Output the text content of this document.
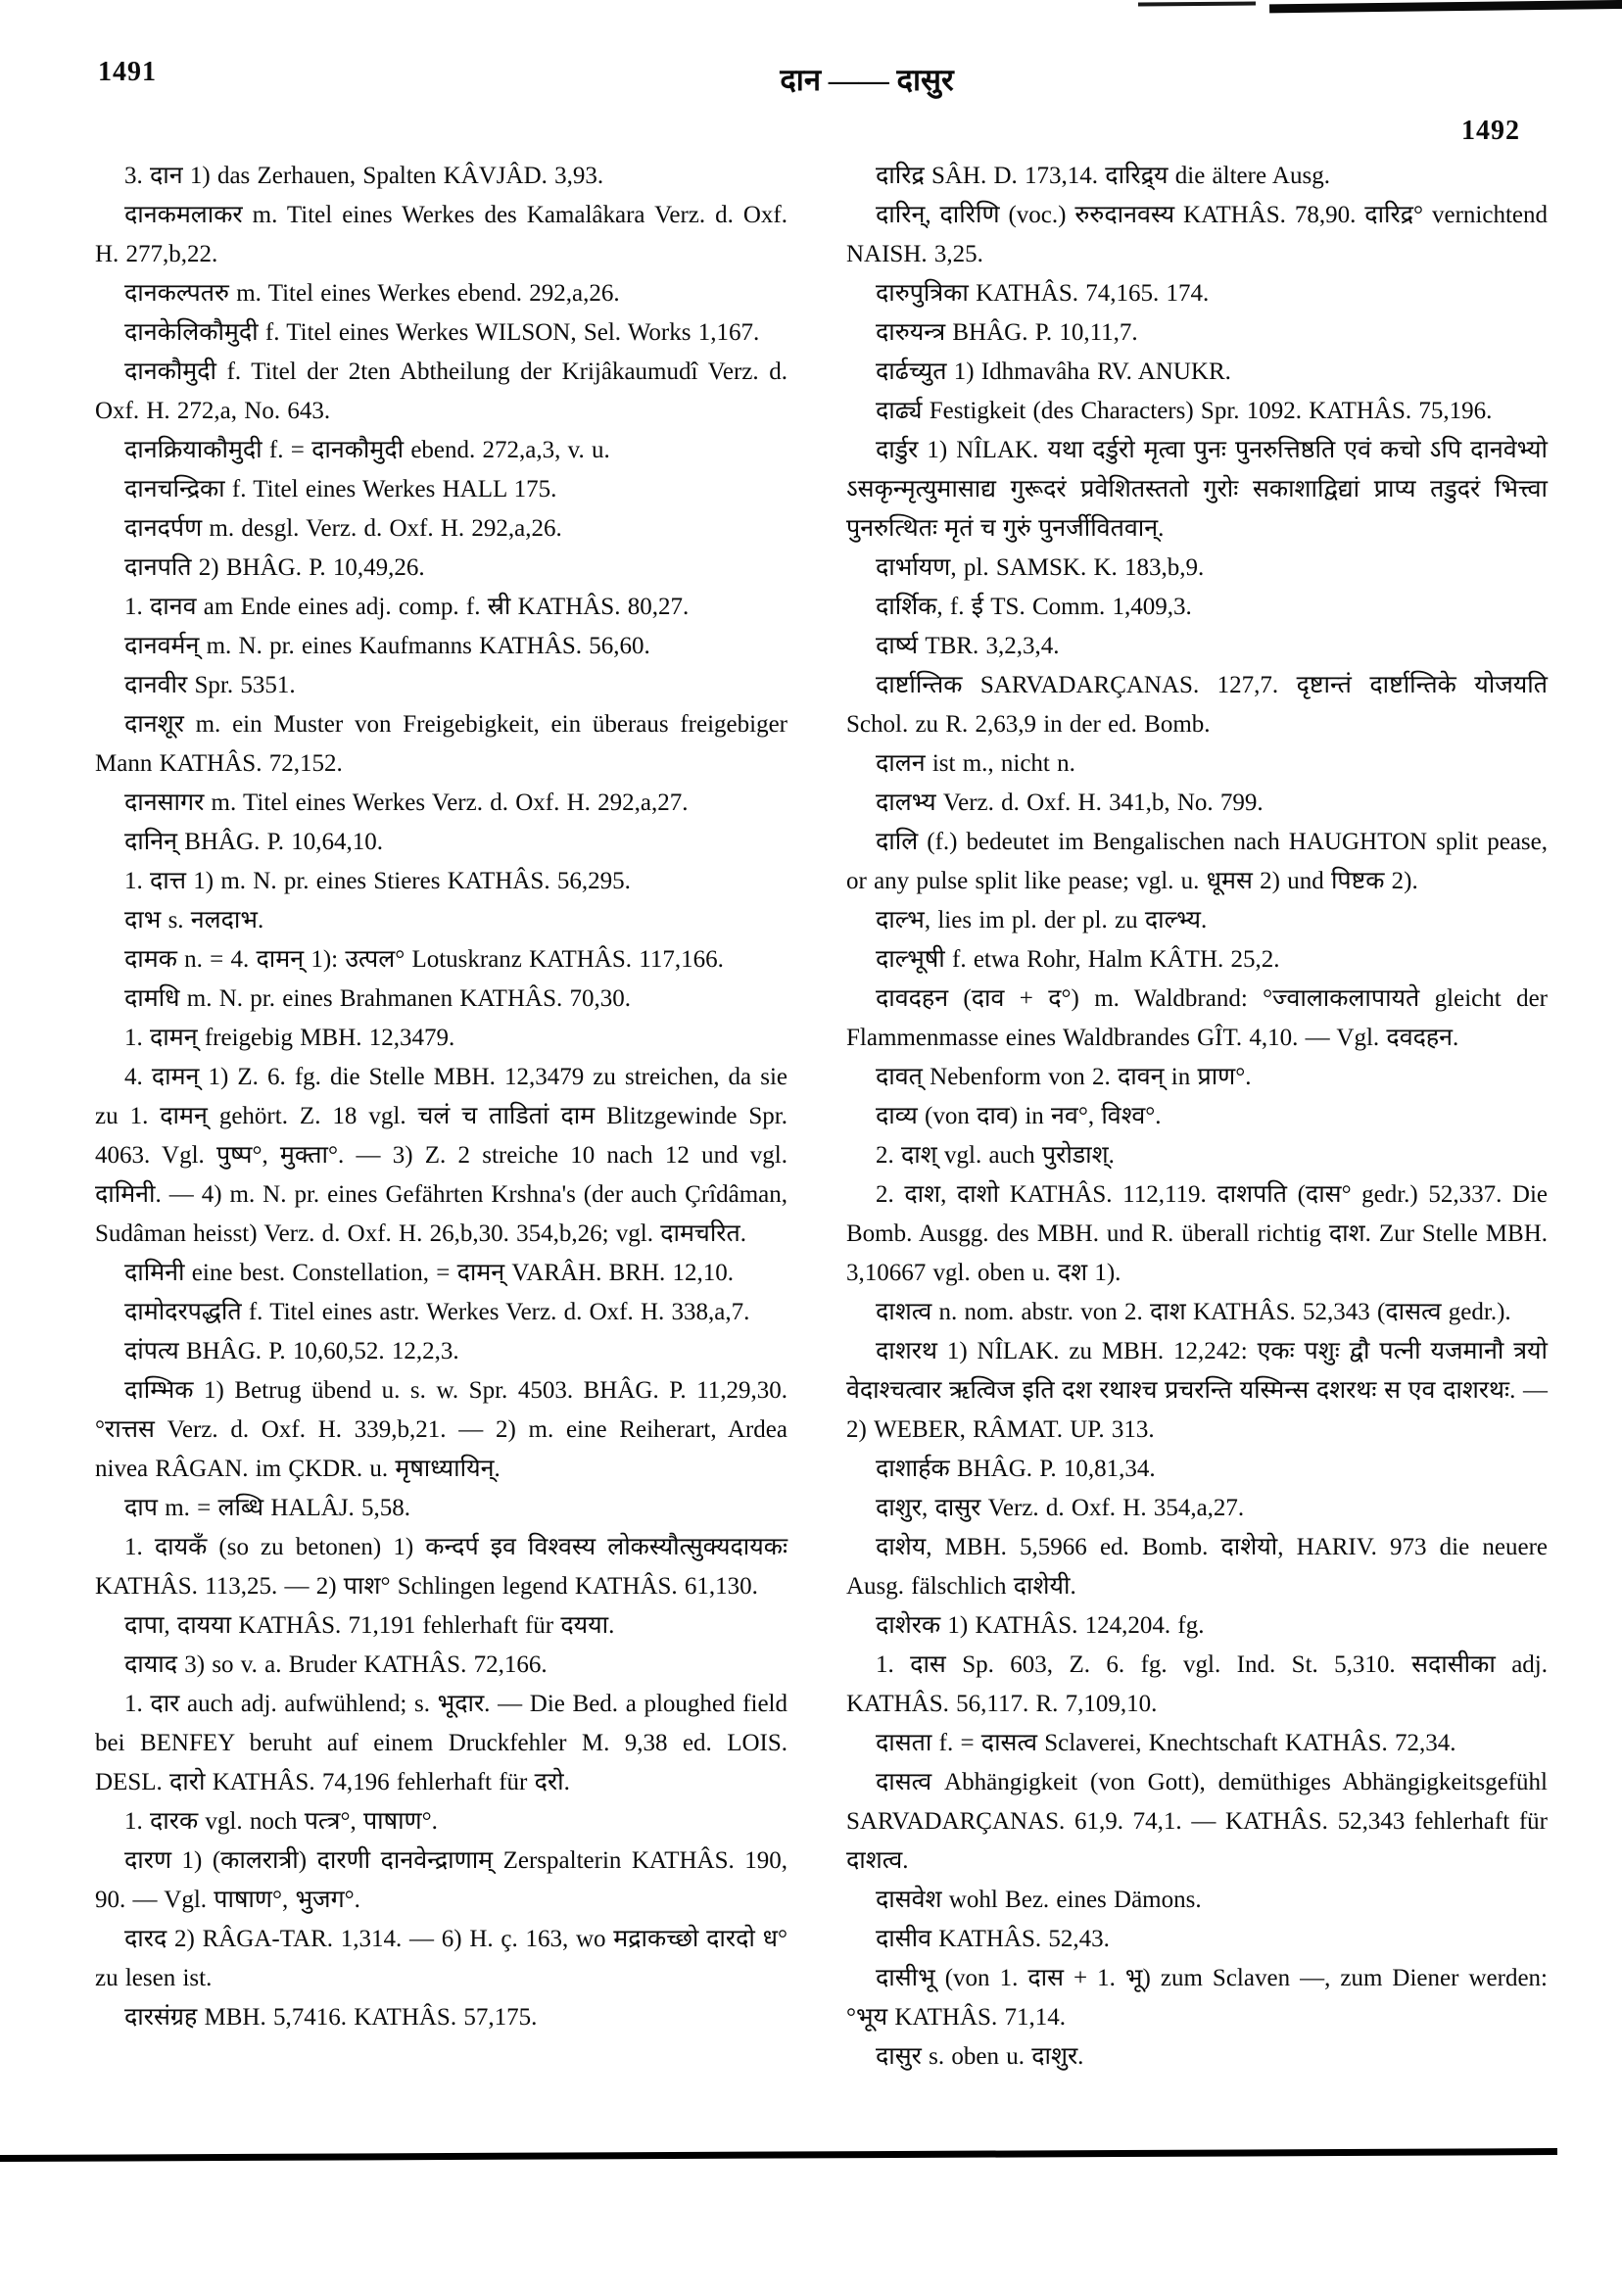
1491	दान —— दासुर
1492

3. दान 1) das Zerhauen, Spalten KÂVJÂD. 3,93.

दानकमलाकर m. Titel eines Werkes des Kamalâkara Verz. d. Oxf. H. 277,b,22.

दानकल्पतरु m. Titel eines Werkes ebend. 292,a,26.

दानकेलिकौमुदी f. Titel eines Werkes WILSON, Sel. Works 1,167.

दानकौमुदी f. Titel der 2ten Abtheilung der Krijâkaumudî Verz. d. Oxf. H. 272,a, No. 643.

दानक्रियाकौमुदी f. = दानकौमुदी ebend. 272,a,3, v. u.

दानचन्द्रिका f. Titel eines Werkes HALL 175.

दानदर्पण m. desgl. Verz. d. Oxf. H. 292,a,26.

दानपति 2) BHÂG. P. 10,49,26.

1. दानव am Ende eines adj. comp. f. स्री KATHÂS. 80,27.

दानवर्मन् m. N. pr. eines Kaufmanns KATHÂS. 56,60.

दानवीर Spr. 5351.

दानशूर m. ein Muster von Freigebigkeit, ein überaus freigebiger Mann KATHÂS. 72,152.

दानसागर m. Titel eines Werkes Verz. d. Oxf. H. 292,a,27.

दानिन् BHÂG. P. 10,64,10.

1. दात्त 1) m. N. pr. eines Stieres KATHÂS. 56,295.

दाभ s. नलदाभ.

दामक n. = 4. दामन् 1): उत्पल° Lotuskranz KATHÂS. 117,166.

दामधि m. N. pr. eines Brahmanen KATHÂS. 70,30.

1. दामन् freigebig MBH. 12,3479.

4. दामन् 1) Z. 6. fg. die Stelle MBH. 12,3479 zu streichen, da sie zu 1. दामन् gehört. Z. 18 vgl. चलं च ताडितां दाम Blitzgewinde Spr. 4063. Vgl. पुष्प°, मुक्ता°. — 3) Z. 2 streiche 10 nach 12 und vgl. दामिनी. — 4) m. N. pr. eines Gefährten Krshna's (der auch Çrîdâman, Sudâman heisst) Verz. d. Oxf. H. 26,b,30. 354,b,26; vgl. दामचरित.

दामिनी eine best. Constellation, = दामन् VARÂH. BRH. 12,10.

दामोदरपद्धति f. Titel eines astr. Werkes Verz. d. Oxf. H. 338,a,7.

दांपत्य BHÂG. P. 10,60,52. 12,2,3.

दाम्भिक 1) Betrug übend u. s. w. Spr. 4503. BHÂG. P. 11,29,30. °रात्तस Verz. d. Oxf. H. 339,b,21. — 2) m. eine Reiherart, Ardea nivea RÂGAN. im ÇKDR. u. मृषाध्यायिन्.

दाप m. = लब्धि HALÂJ. 5,58.

1. दायकँ (so zu betonen) 1) कन्दर्प इव विश्वस्य लोकस्यौत्सुक्यदायकः KATHÂS. 113,25. — 2) पाश° Schlingen legend KATHÂS. 61,130.

दापा, दायया KATHÂS. 71,191 fehlerhaft für दयया.

दायाद 3) so v. a. Bruder KATHÂS. 72,166.

1. दार auch adj. aufwühlend; s. भूदार. — Die Bed. a ploughed field bei BENFEY beruht auf einem Druckfehler M. 9,38 ed. LOIS. DESL. दारो KATHÂS. 74,196 fehlerhaft für दरो.

1. दारक vgl. noch पत्त्र°, पाषाण°.

दारण 1) (कालरात्री) दारणी दानवेन्द्राणाम् Zerspalterin KATHÂS. 190, 90. — Vgl. पाषाण°, भुजग°.

दारद 2) RÂGA-TAR. 1,314. — 6) H. ç. 163, wo मद्राकच्छो दारदो ध° zu lesen ist.

दारसंग्रह MBH. 5,7416. KATHÂS. 57,175.

दारिद्र SÂH. D. 173,14. दारिद्र्य die ältere Ausg.

दारिन्, दारिणि (voc.) रुरुदानवस्य KATHÂS. 78,90. दारिद्र° vernichtend NAISH. 3,25.

दारुपुत्रिका KATHÂS. 74,165. 174.

दारुयन्त्र BHÂG. P. 10,11,7.

दार्ढच्युत 1) Idhmavâha RV. ANUKR.

दार्ढ्य Festigkeit (des Characters) Spr. 1092. KATHÂS. 75,196.

दार्डुर 1) NÎLAK. यथा दर्डुरो मृत्वा पुनः पुनरुत्तिष्ठति एवं कचो ऽपि दानवेभ्यो ऽसकृन्मृत्युमासाद्य गुरूदरं प्रवेशितस्ततो गुरोः सकाशाद्विद्यां प्राप्य तडुदरं भित्त्वा पुनरुत्थितः मृतं च गुरुं पुनर्जीवितवान्.

दार्भायण, pl. SAMSK. K. 183,b,9.

दार्शिक, f. ई TS. Comm. 1,409,3.

दार्ष्य TBR. 3,2,3,4.

दार्ष्टान्तिक SARVADARÇANAS. 127,7. दृष्टान्तं दार्ष्टान्तिके योजयति Schol. zu R. 2,63,9 in der ed. Bomb.

दालन ist m., nicht n.

दालभ्य Verz. d. Oxf. H. 341,b, No. 799.

दालि (f.) bedeutet im Bengalischen nach HAUGHTON split pease, or any pulse split like pease; vgl. u. धूमस 2) und पिष्टक 2).

दाल्भ, lies im pl. der pl. zu दाल्भ्य.

दाल्भूषी f. etwa Rohr, Halm KÂTH. 25,2.

दावदहन (दाव + द°) m. Waldbrand: °ज्वालाकलापायते gleicht der Flammenmasse eines Waldbrandes GÎT. 4,10. — Vgl. दवदहन.

दावत् Nebenform von 2. दावन् in प्राण°.

दाव्य (von दाव) in नव°, विश्व°.

2. दाश् vgl. auch पुरोडाश्.

2. दाश, दाशो KATHÂS. 112,119. दाशपति (दास° gedr.) 52,337. Die Bomb. Ausgg. des MBH. und R. überall richtig दाश. Zur Stelle MBH. 3,10667 vgl. oben u. दश 1).

दाशत्व n. nom. abstr. von 2. दाश KATHÂS. 52,343 (दासत्व gedr.).

दाशरथ 1) NÎLAK. zu MBH. 12,242: एकः पशुः द्वौ पत्नी यजमानौ त्रयो वेदाश्चत्वार ऋत्विज इति दश रथाश्च प्रचरन्ति यस्मिन्स दशरथः स एव दाशरथः. — 2) WEBER, RÂMAT. UP. 313.

दाशार्हक BHÂG. P. 10,81,34.

दाशुर, दासुर Verz. d. Oxf. H. 354,a,27.

दाशेय, MBH. 5,5966 ed. Bomb. दाशेयो, HARIV. 973 die neuere Ausg. fälschlich दाशेयी.

दाशेरक 1) KATHÂS. 124,204. fg.

1. दास Sp. 603, Z. 6. fg. vgl. Ind. St. 5,310. सदासीका adj. KATHÂS. 56,117. R. 7,109,10.

दासता f. = दासत्व Sclaverei, Knechtschaft KATHÂS. 72,34.

दासत्व Abhängigkeit (von Gott), demüthiges Abhängigkeitsgefühl SARVADARÇANAS. 61,9. 74,1. — KATHÂS. 52,343 fehlerhaft für दाशत्व.

दासवेश wohl Bez. eines Dämons.

दासीव KATHÂS. 52,43.

दासीभू (von 1. दास + 1. भू) zum Sclaven —, zum Diener werden: °भूय KATHÂS. 71,14.

दासुर s. oben u. दाशुर.
